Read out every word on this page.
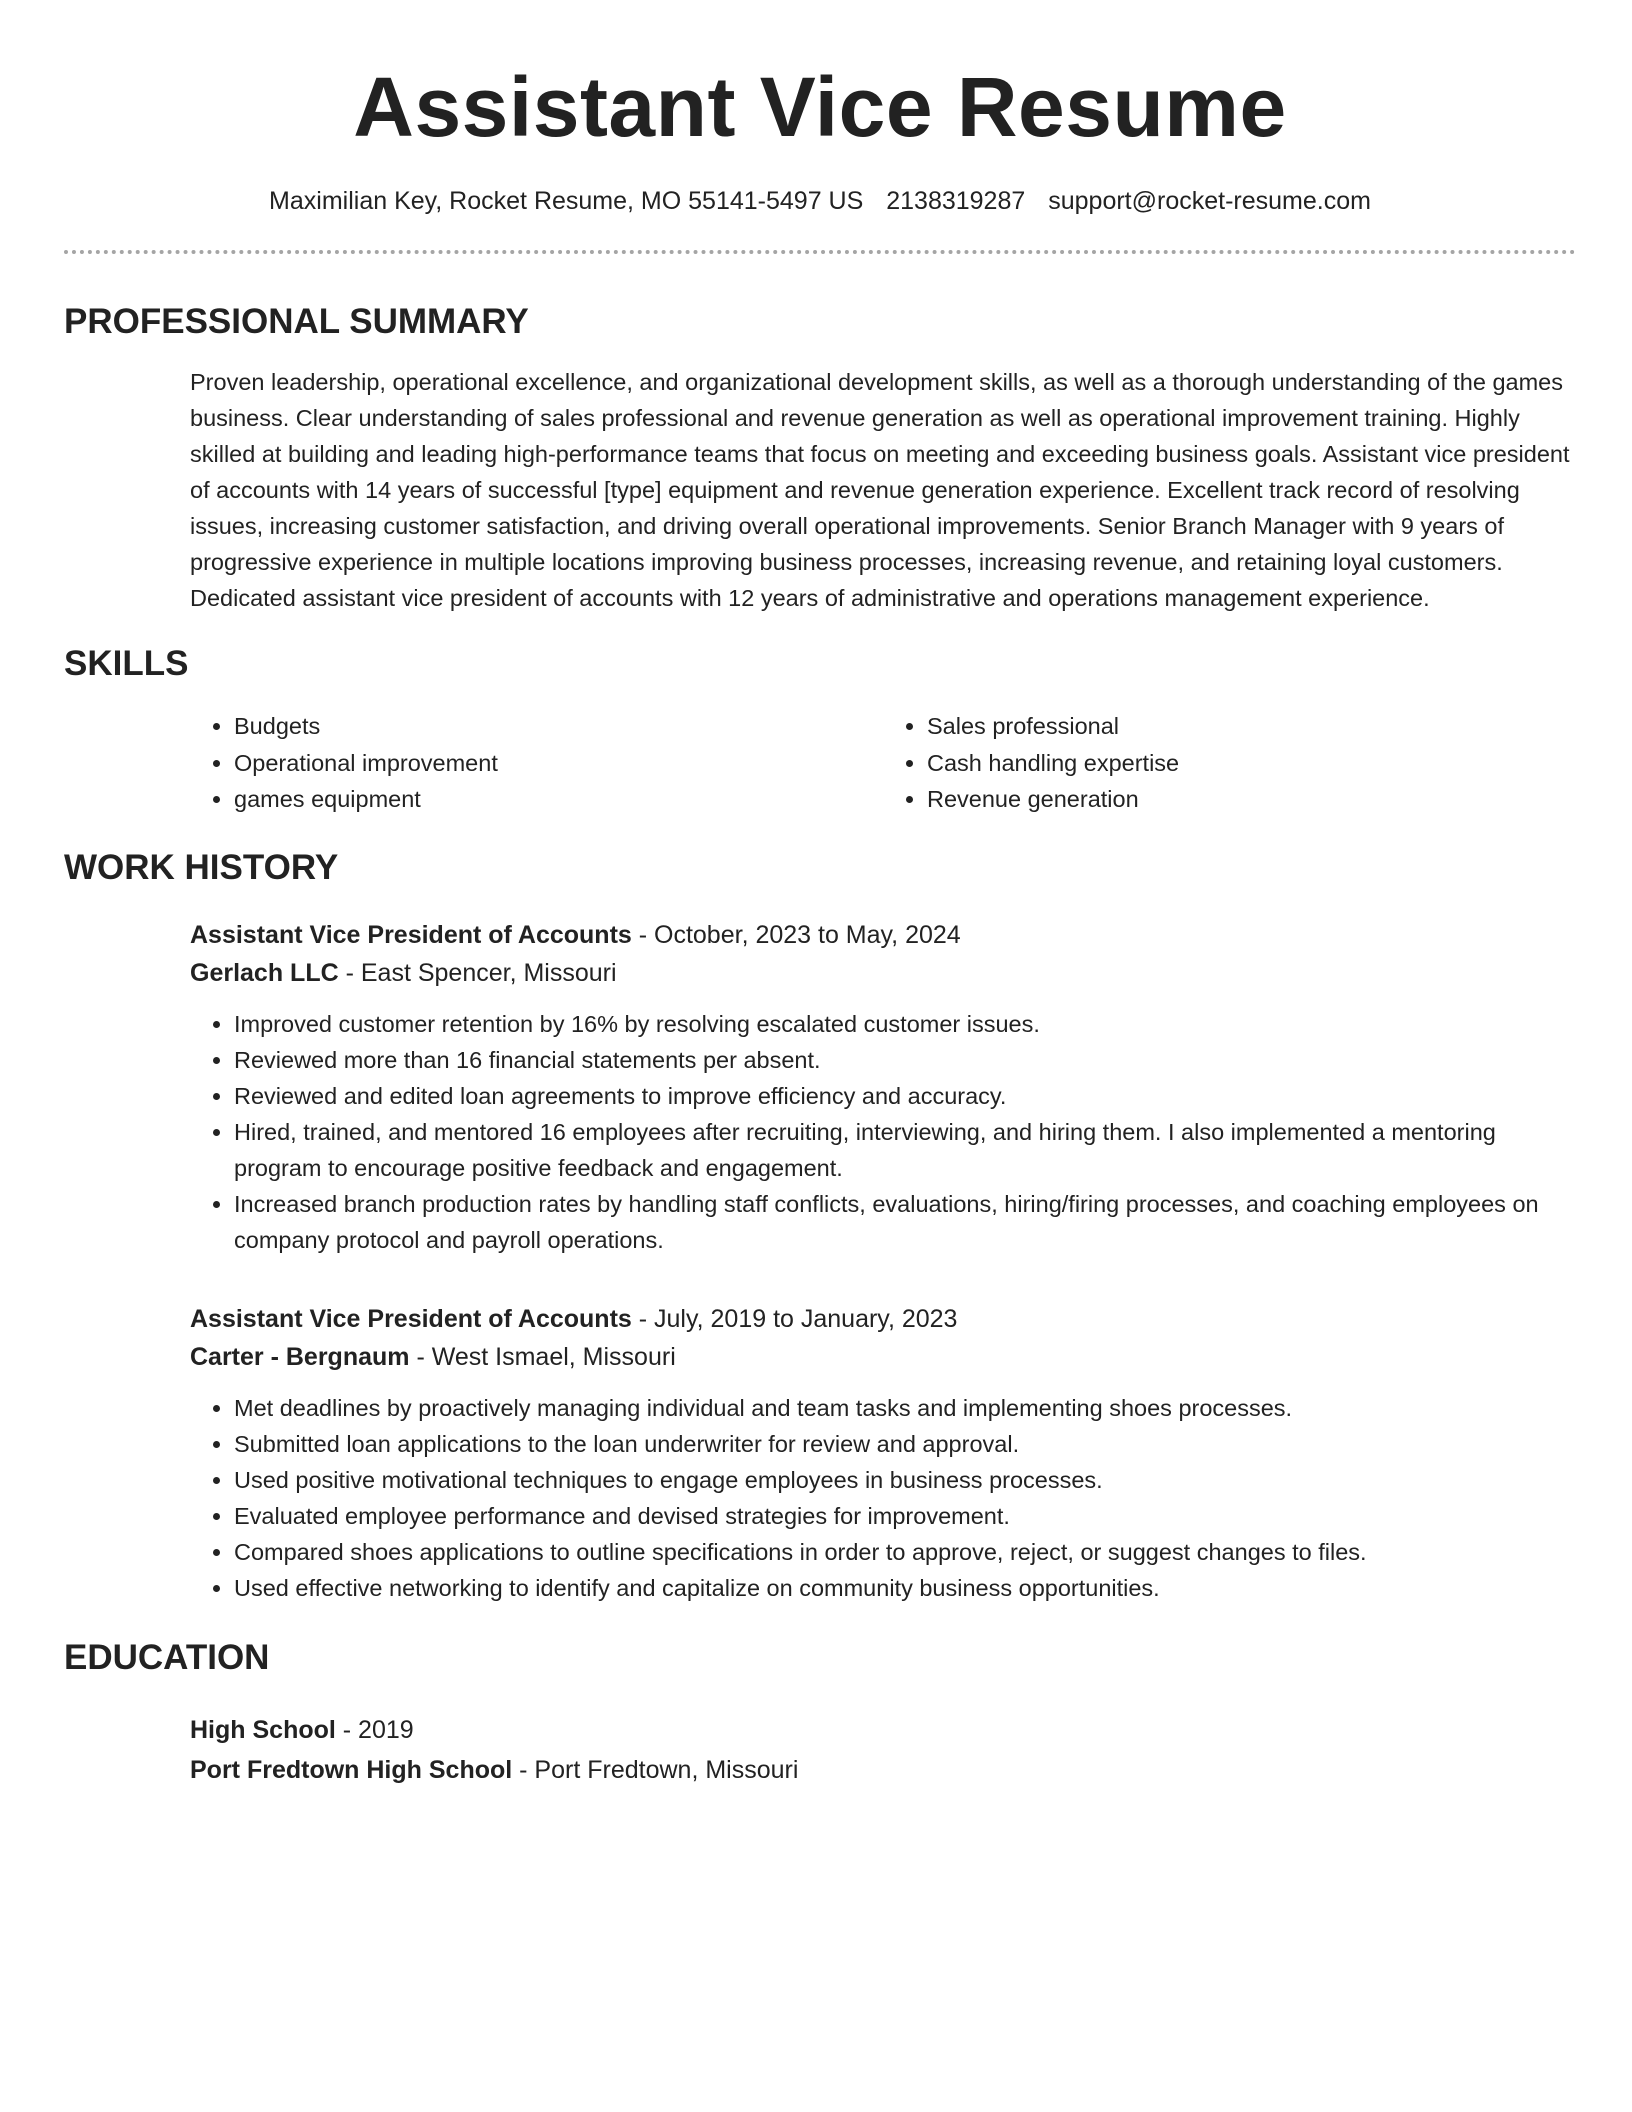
Assistant Vice Resume
Maximilian Key, Rocket Resume, MO 55141-5497 US 2138319287 support@rocket-resume.com
PROFESSIONAL SUMMARY
Proven leadership, operational excellence, and organizational development skills, as well as a thorough understanding of the games business. Clear understanding of sales professional and revenue generation as well as operational improvement training. Highly skilled at building and leading high-performance teams that focus on meeting and exceeding business goals. Assistant vice president of accounts with 14 years of successful [type] equipment and revenue generation experience. Excellent track record of resolving issues, increasing customer satisfaction, and driving overall operational improvements. Senior Branch Manager with 9 years of progressive experience in multiple locations improving business processes, increasing revenue, and retaining loyal customers. Dedicated assistant vice president of accounts with 12 years of administrative and operations management experience.
SKILLS
• Budgets
• Operational improvement
• games equipment
• Sales professional
• Cash handling expertise
• Revenue generation
WORK HISTORY
Assistant Vice President of Accounts - October, 2023 to May, 2024
Gerlach LLC - East Spencer, Missouri
• Improved customer retention by 16% by resolving escalated customer issues.
• Reviewed more than 16 financial statements per absent.
• Reviewed and edited loan agreements to improve efficiency and accuracy.
• Hired, trained, and mentored 16 employees after recruiting, interviewing, and hiring them. I also implemented a mentoring program to encourage positive feedback and engagement.
• Increased branch production rates by handling staff conflicts, evaluations, hiring/firing processes, and coaching employees on company protocol and payroll operations.
Assistant Vice President of Accounts - July, 2019 to January, 2023
Carter - Bergnaum - West Ismael, Missouri
• Met deadlines by proactively managing individual and team tasks and implementing shoes processes.
• Submitted loan applications to the loan underwriter for review and approval.
• Used positive motivational techniques to engage employees in business processes.
• Evaluated employee performance and devised strategies for improvement.
• Compared shoes applications to outline specifications in order to approve, reject, or suggest changes to files.
• Used effective networking to identify and capitalize on community business opportunities.
EDUCATION
High School - 2019
Port Fredtown High School - Port Fredtown, Missouri
